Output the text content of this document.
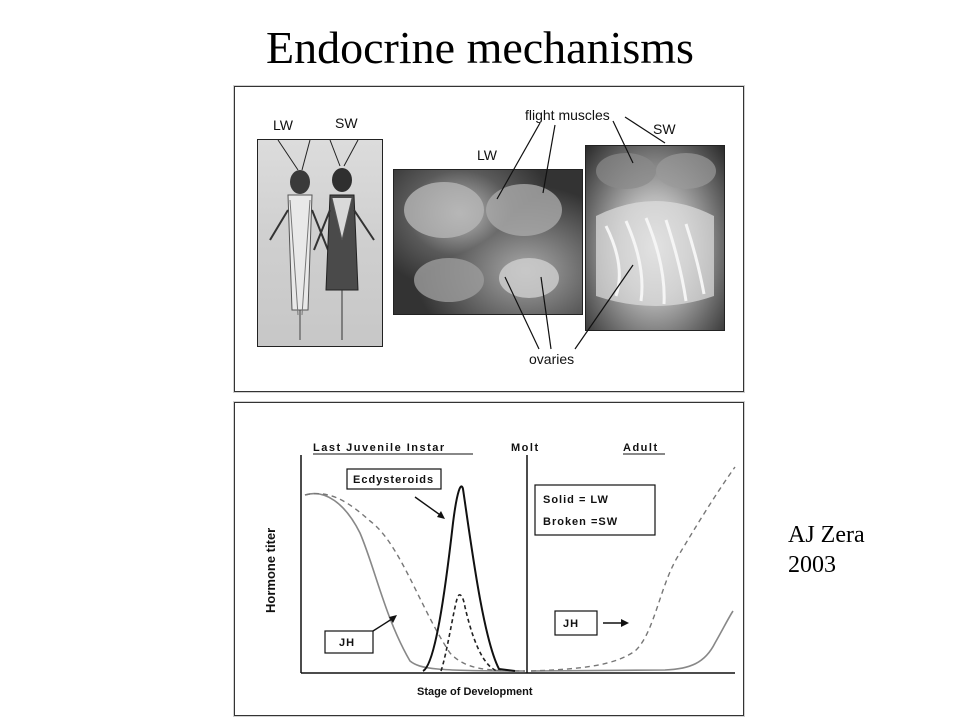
Endocrine mechanisms
LW	SW
LW
flight muscles
SW
ovaries
Last Juvenile Instar	Molt	Adult
Hormone titer
Stage of Development
Ecdysteroids
Solid = LW
Broken =SW
JH
JH
AJ Zera
2003
